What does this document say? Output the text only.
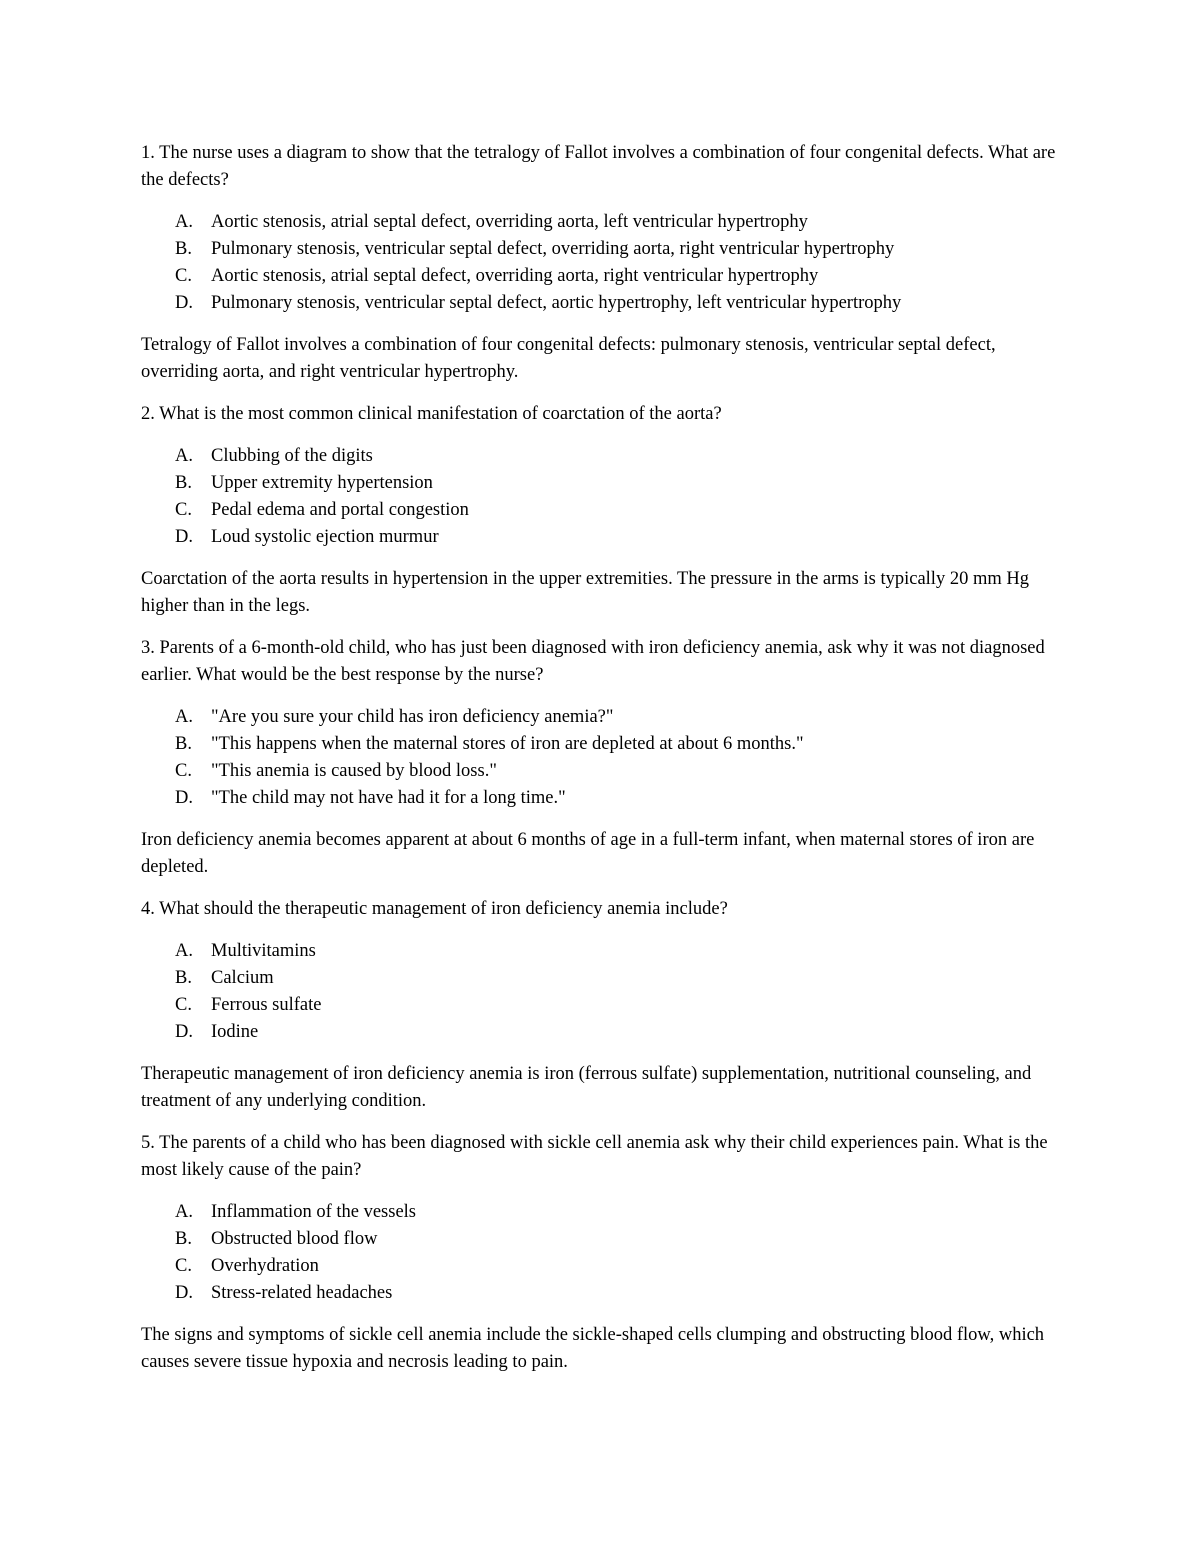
1. The nurse uses a diagram to show that the tetralogy of Fallot involves a combination of four congenital defects. What are the defects?

A. Aortic stenosis, atrial septal defect, overriding aorta, left ventricular hypertrophy
B.	Pulmonary stenosis, ventricular septal defect, overriding aorta, right ventricular hypertrophy
C.	Aortic stenosis, atrial septal defect, overriding aorta, right ventricular hypertrophy
D. Pulmonary stenosis, ventricular septal defect, aortic hypertrophy, left ventricular hypertrophy

Tetralogy of Fallot involves a combination of four congenital defects: pulmonary stenosis, ventricular septal defect, overriding aorta, and right ventricular hypertrophy.

2. What is the most common clinical manifestation of coarctation of the aorta?

A. Clubbing of the digits
B.	Upper extremity hypertension
C.	Pedal edema and portal congestion
D. Loud systolic ejection murmur

Coarctation of the aorta results in hypertension in the upper extremities. The pressure in the arms is typically 20 mm Hg higher than in the legs.

3. Parents of a 6-month-old child, who has just been diagnosed with iron deficiency anemia, ask why it was not diagnosed earlier. What would be the best response by the nurse?

A. "Are you sure your child has iron deficiency anemia?"
B.	"This happens when the maternal stores of iron are depleted at about 6 months."
C.	"This anemia is caused by blood loss."
D. "The child may not have had it for a long time."

Iron deficiency anemia becomes apparent at about 6 months of age in a full-term infant, when maternal stores of iron are depleted.

4. What should the therapeutic management of iron deficiency anemia include?

A. Multivitamins
B.	Calcium
C.	Ferrous sulfate
D. Iodine

Therapeutic management of iron deficiency anemia is iron (ferrous sulfate) supplementation, nutritional counseling, and treatment of any underlying condition.

5. The parents of a child who has been diagnosed with sickle cell anemia ask why their child experiences pain. What is the most likely cause of the pain?

A. Inflammation of the vessels
B.	Obstructed blood flow
C.	Overhydration
D. Stress-related headaches

The signs and symptoms of sickle cell anemia include the sickle-shaped cells clumping and obstructing blood flow, which causes severe tissue hypoxia and necrosis leading to pain.
